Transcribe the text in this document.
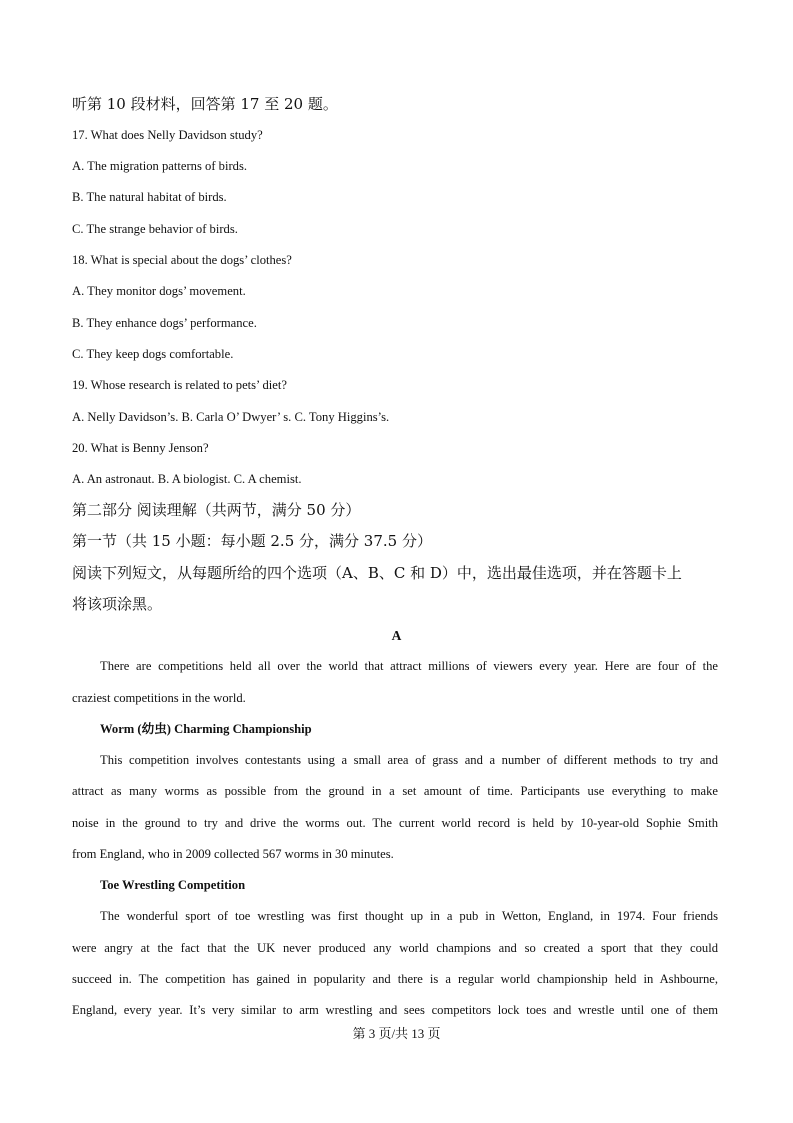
听第 10 段材料，回答第 17 至 20 题。
17. What does Nelly Davidson study?
A. The migration patterns of birds.
B. The natural habitat of birds.
C. The strange behavior of birds.
18. What is special about the dogs’ clothes?
A. They monitor dogs’ movement.
B. They enhance dogs’ performance.
C. They keep dogs comfortable.
19. Whose research is related to pets’ diet?
A. Nelly Davidson’s. B. Carla O’ Dwyer’ s. C. Tony Higgins’s.
20. What is Benny Jenson?
A. An astronaut. B. A biologist. C. A chemist.
第二部分 阅读理解（共两节，满分 50 分）
第一节（共 15 小题：每小题 2.5 分，满分 37.5 分）
阅读下列短文，从每题所给的四个选项（A、B、C 和 D）中，选出最佳选项，并在答题卡上
将该项涂黑。
A
There are competitions held all over the world that attract millions of viewers every year. Here are four of the
craziest competitions in the world.
Worm (幼虫) Charming Championship
This competition involves contestants using a small area of grass and a number of different methods to try and
attract as many worms as possible from the ground in a set amount of time. Participants use everything to make
noise in the ground to try and drive the worms out. The current world record is held by 10-year-old Sophie Smith
from England, who in 2009 collected 567 worms in 30 minutes.
Toe Wrestling Competition
The wonderful sport of toe wrestling was first thought up in a pub in Wetton, England, in 1974. Four friends
were angry at the fact that the UK never produced any world champions and so created a sport that they could
succeed in. The competition has gained in popularity and there is a regular world championship held in Ashbourne,
England, every year. It’s very similar to arm wrestling and sees competitors lock toes and wrestle until one of them
第 3 页/共 13 页
